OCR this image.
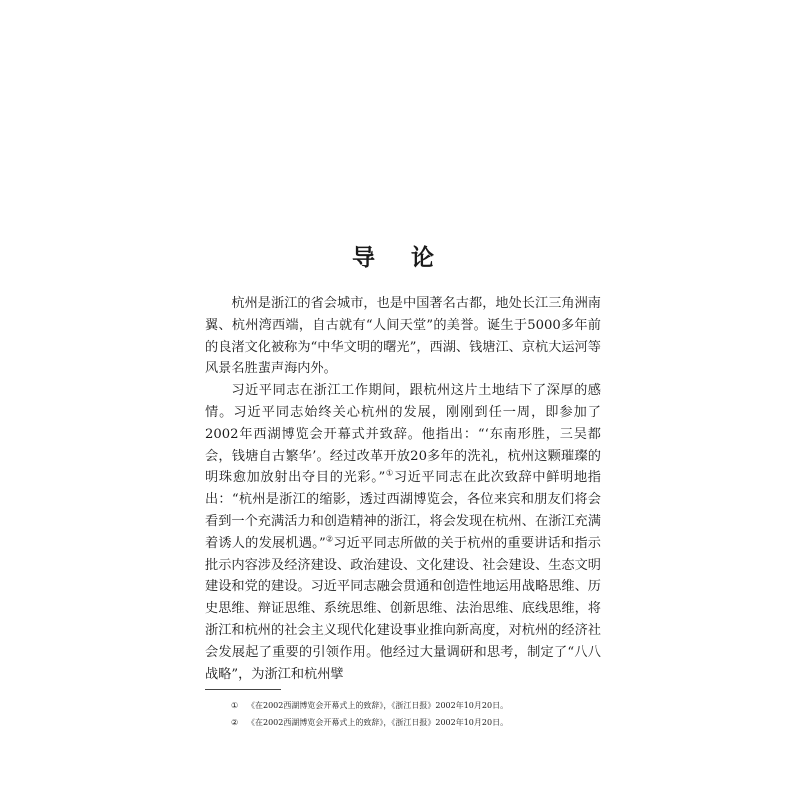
导 论

杭州是浙江的省会城市，也是中国著名古都，地处长江三角洲南翼、杭州湾西端，自古就有“人间天堂”的美誉。诞生于5000多年前的良渚文化被称为“中华文明的曙光”，西湖、钱塘江、京杭大运河等风景名胜蜚声海内外。

习近平同志在浙江工作期间，跟杭州这片土地结下了深厚的感情。习近平同志始终关心杭州的发展，刚刚到任一周，即参加了2002年西湖博览会开幕式并致辞。他指出：“‘东南形胜，三吴都会，钱塘自古繁华’。经过改革开放20多年的洗礼，杭州这颗璀璨的明珠愈加放射出夺目的光彩。”①习近平同志在此次致辞中鲜明地指出：“杭州是浙江的缩影，透过西湖博览会，各位来宾和朋友们将会看到一个充满活力和创造精神的浙江，将会发现在杭州、在浙江充满着诱人的发展机遇。”②习近平同志所做的关于杭州的重要讲话和指示批示内容涉及经济建设、政治建设、文化建设、社会建设、生态文明建设和党的建设。习近平同志融会贯通和创造性地运用战略思维、历史思维、辩证思维、系统思维、创新思维、法治思维、底线思维，将浙江和杭州的社会主义现代化建设事业推向新高度，对杭州的经济社会发展起了重要的引领作用。他经过大量调研和思考，制定了“八八战略”，为浙江和杭州擘

① 《在2002西湖博览会开幕式上的致辞》，《浙江日报》2002年10月20日。
② 《在2002西湖博览会开幕式上的致辞》，《浙江日报》2002年10月20日。
